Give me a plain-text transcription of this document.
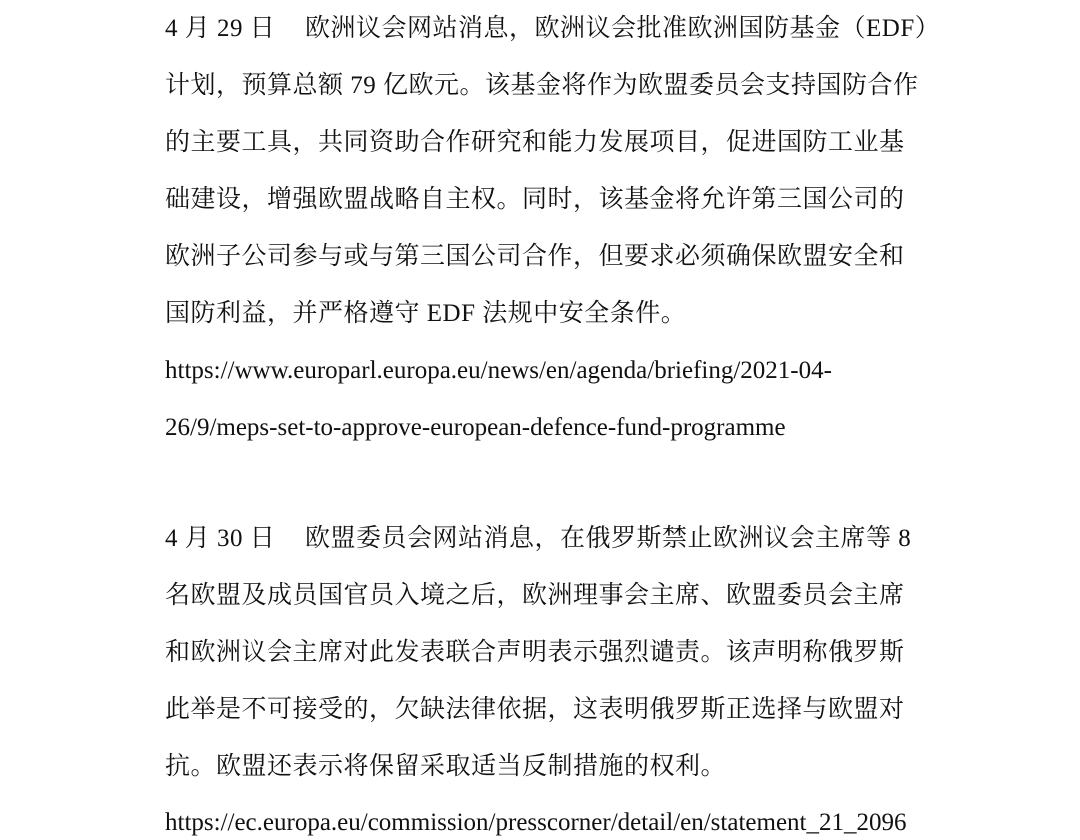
4 月 29 日 欧洲议会网站消息，欧洲议会批准欧洲国防基金（EDF）
计划，预算总额 79 亿欧元。该基金将作为欧盟委员会支持国防合作
的主要工具，共同资助合作研究和能力发展项目，促进国防工业基
础建设，增强欧盟战略自主权。同时，该基金将允许第三国公司的
欧洲子公司参与或与第三国公司合作，但要求必须确保欧盟安全和
国防利益，并严格遵守 EDF 法规中安全条件。
https://www.europarl.europa.eu/news/en/agenda/briefing/2021-04-
26/9/meps-set-to-approve-european-defence-fund-programme
4 月 30 日 欧盟委员会网站消息，在俄罗斯禁止欧洲议会主席等 8
名欧盟及成员国官员入境之后，欧洲理事会主席、欧盟委员会主席
和欧洲议会主席对此发表联合声明表示强烈谴责。该声明称俄罗斯
此举是不可接受的，欠缺法律依据，这表明俄罗斯正选择与欧盟对
抗。欧盟还表示将保留采取适当反制措施的权利。
https://ec.europa.eu/commission/presscorner/detail/en/statement_21_2096
